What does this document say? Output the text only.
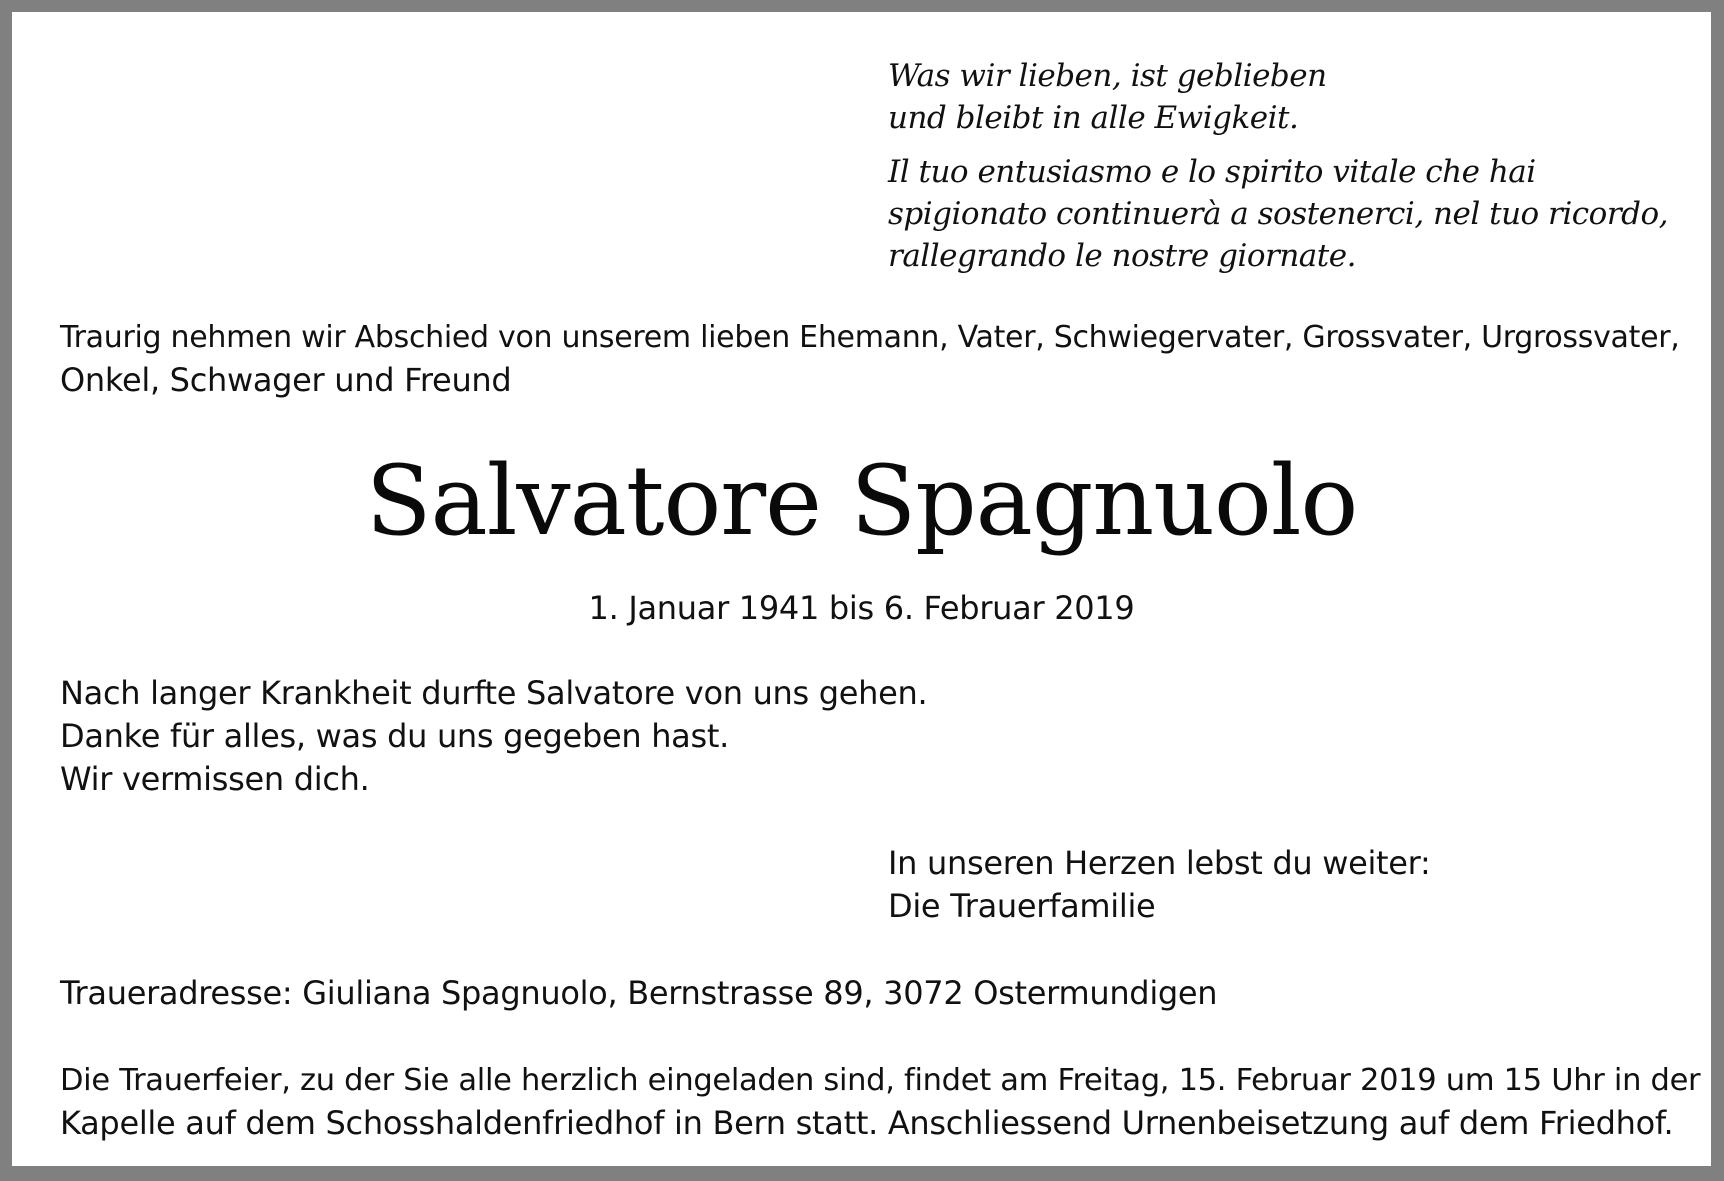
Was wir lieben, ist geblieben
und bleibt in alle Ewigkeit.
Il tuo entusiasmo e lo spirito vitale che hai
spigionato continuerà a sostenerci, nel tuo ricordo,
rallegrando le nostre giornate.
Traurig nehmen wir Abschied von unserem lieben Ehemann, Vater, Schwiegervater, Grossvater, Urgrossvater,
Onkel, Schwager und Freund
Salvatore Spagnuolo
1. Januar 1941 bis 6. Februar 2019
Nach langer Krankheit durfte Salvatore von uns gehen.
Danke für alles, was du uns gegeben hast.
Wir vermissen dich.
In unseren Herzen lebst du weiter:
Die Trauerfamilie
Traueradresse: Giuliana Spagnuolo, Bernstrasse 89, 3072 Ostermundigen
Die Trauerfeier, zu der Sie alle herzlich eingeladen sind, findet am Freitag, 15. Februar 2019 um 15 Uhr in der
Kapelle auf dem Schosshaldenfriedhof in Bern statt. Anschliessend Urnenbeisetzung auf dem Friedhof.
